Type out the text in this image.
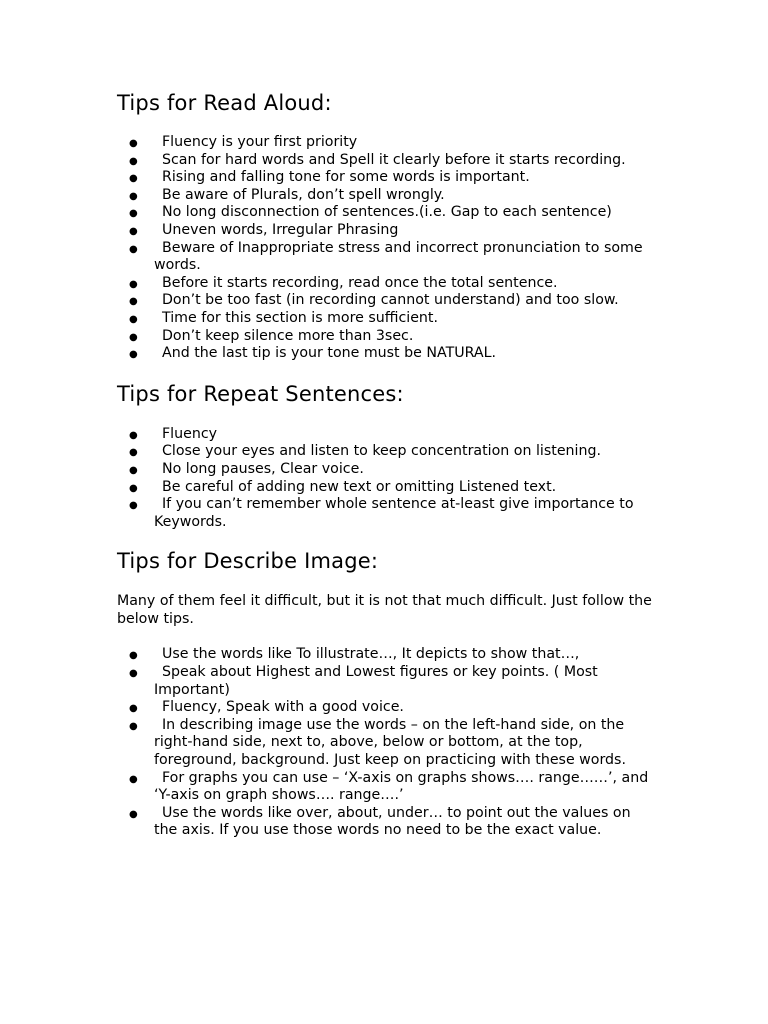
Tips for Read Aloud:
●	Fluency is your first priority
●	Scan for hard words and Spell it clearly before it starts recording.
●	Rising and falling tone for some words is important.
●	Be aware of Plurals, don’t spell wrongly.
●	No long disconnection of sentences.(i.e. Gap to each sentence)
●	Uneven words, Irregular Phrasing
●	Beware of Inappropriate stress and incorrect pronunciation to some words.
●	Before it starts recording, read once the total sentence.
●	Don’t be too fast (in recording cannot understand) and too slow.
●	Time for this section is more sufficient.
●	Don’t keep silence more than 3sec.
●	And the last tip is your tone must be NATURAL.
Tips for Repeat Sentences:
●	Fluency
●	Close your eyes and listen to keep concentration on listening.
●	No long pauses, Clear voice.
●	Be careful of adding new text or omitting Listened text.
●	If you can’t remember whole sentence at-least give importance to Keywords.
Tips for Describe Image:

Many of them feel it difficult, but it is not that much difficult. Just follow the below tips.

●	Use the words like To illustrate…, It depicts to show that…,
●	Speak about Highest and Lowest figures or key points. ( Most Important)
●	Fluency, Speak with a good voice.
●	In describing image use the words – on the left-hand side, on the right-hand side, next to, above, below or bottom, at the top, foreground, background. Just keep on practicing with these words.
●	For graphs you can use – ‘X-axis on graphs shows…. range……’, and ‘Y-axis on graph shows…. range….’
●	Use the words like over, about, under… to point out the values on the axis. If you use those words no need to be the exact value.
